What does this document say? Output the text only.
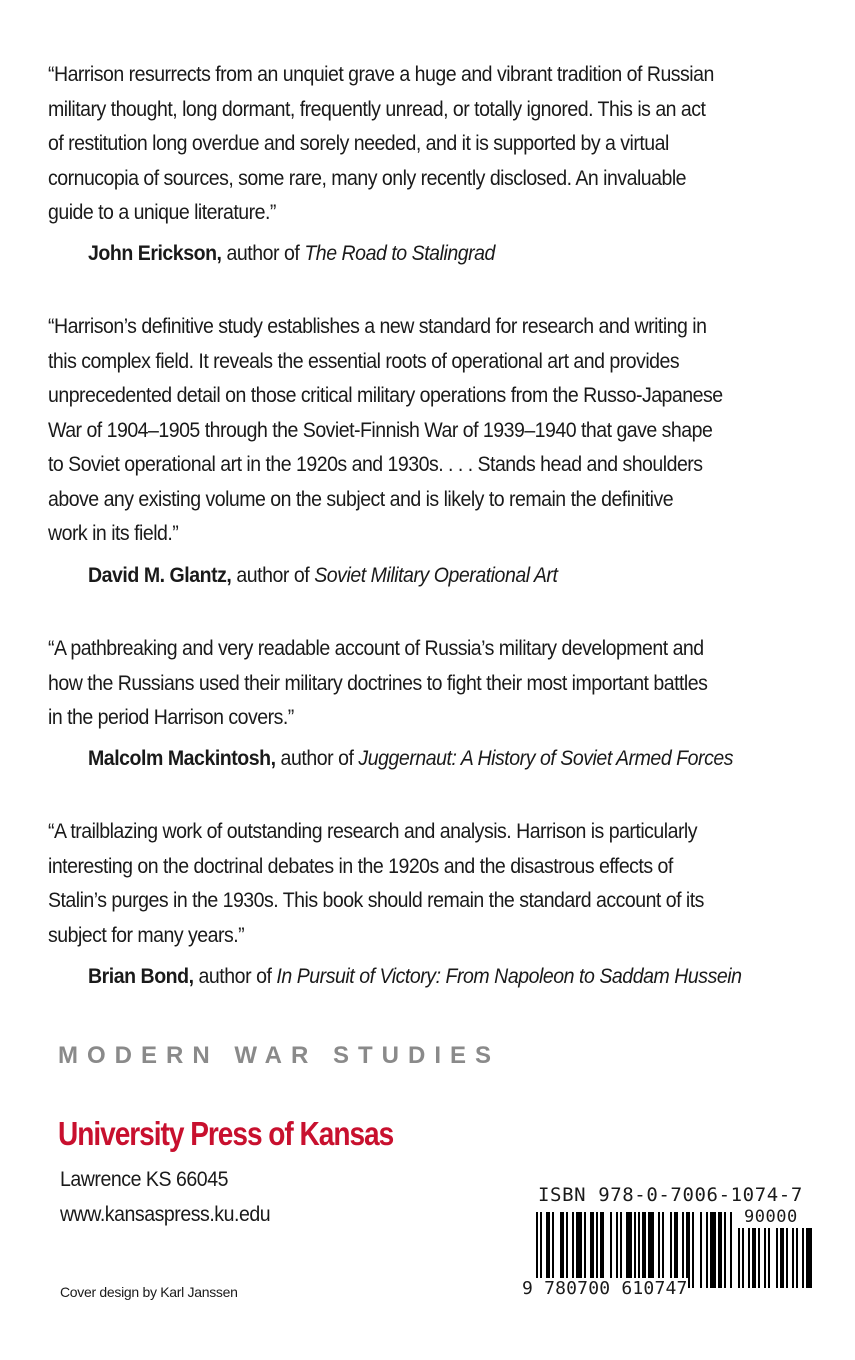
“Harrison resurrects from an unquiet grave a huge and vibrant tradition of Russian
military thought, long dormant, frequently unread, or totally ignored. This is an act
of restitution long overdue and sorely needed, and it is supported by a virtual
cornucopia of sources, some rare, many only recently disclosed. An invaluable
guide to a unique literature.”

John Erickson, author of The Road to Stalingrad

“Harrison’s definitive study establishes a new standard for research and writing in
this complex field. It reveals the essential roots of operational art and provides
unprecedented detail on those critical military operations from the Russo-Japanese
War of 1904–1905 through the Soviet-Finnish War of 1939–1940 that gave shape
to Soviet operational art in the 1920s and 1930s. . . . Stands head and shoulders
above any existing volume on the subject and is likely to remain the definitive
work in its field.”

David M. Glantz, author of Soviet Military Operational Art

“A pathbreaking and very readable account of Russia’s military development and
how the Russians used their military doctrines to fight their most important battles
in the period Harrison covers.”

Malcolm Mackintosh, author of Juggernaut: A History of Soviet Armed Forces

“A trailblazing work of outstanding research and analysis. Harrison is particularly
interesting on the doctrinal debates in the 1920s and the disastrous effects of
Stalin’s purges in the 1930s. This book should remain the standard account of its
subject for many years.”

Brian Bond, author of In Pursuit of Victory: From Napoleon to Saddam Hussein
MODERN WAR STUDIES
University Press of Kansas
Lawrence KS 66045
www.kansaspress.ku.edu
Cover design by Karl Janssen
ISBN 978-0-7006-1074-7
90000
9 780700 610747
